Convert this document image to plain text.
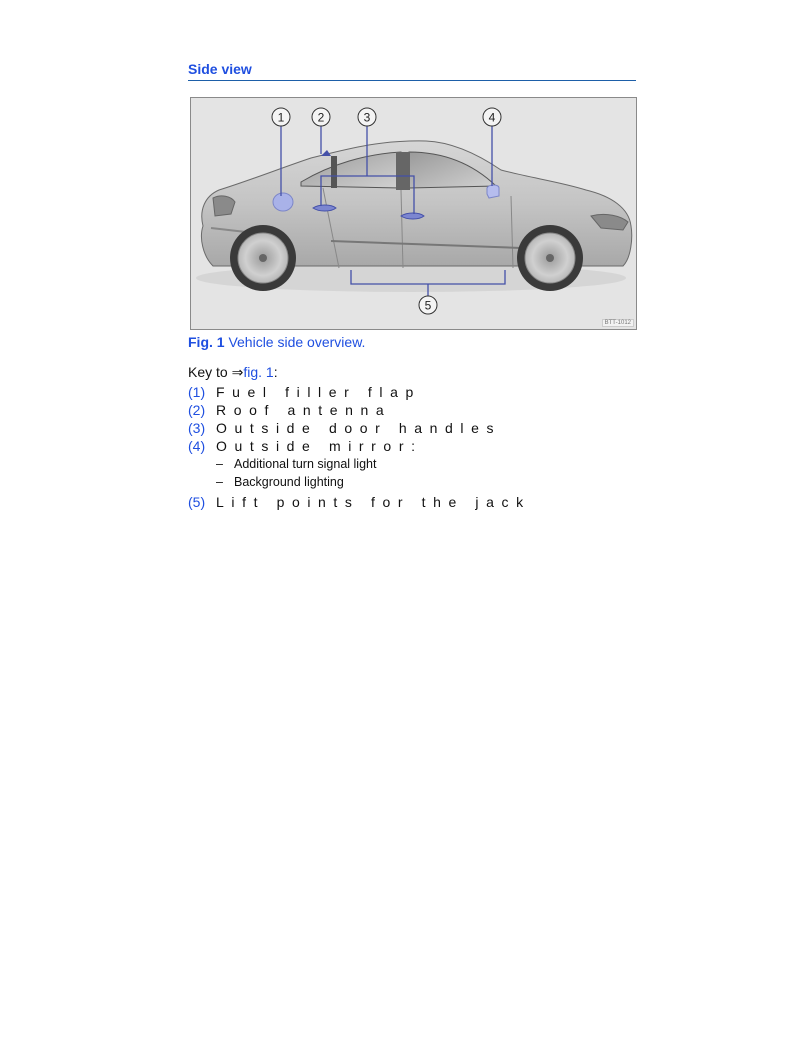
Side view
1	2	3	4
5
BTT-1012
Fig. 1 Vehicle side overview.
Key to ⇒fig. 1:
(1) Fuel filler flap
(2) Roof antenna
(3) Outside door handles
(4) Outside mirror:
– Additional turn signal light
– Background lighting
(5) Lift points for the jack
